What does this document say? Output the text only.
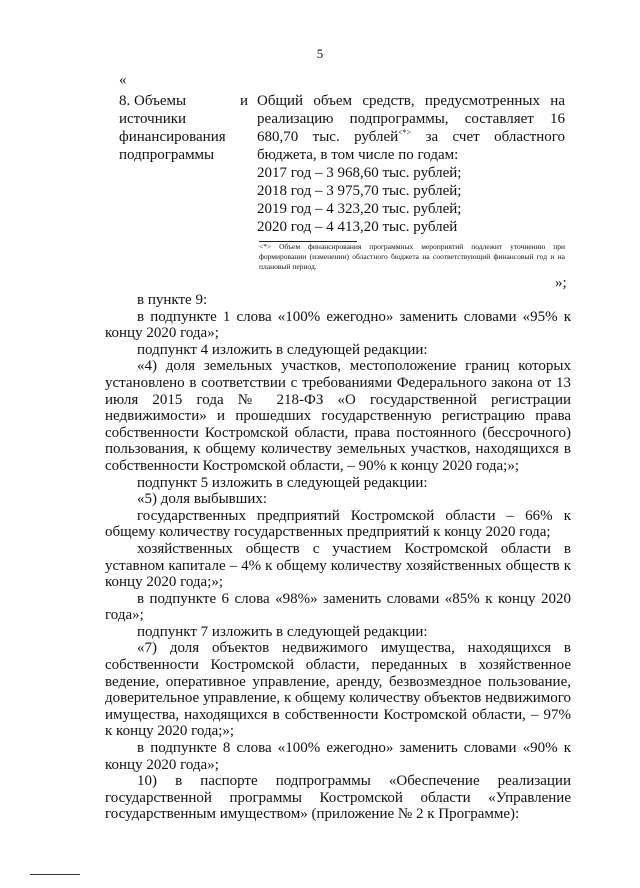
5
«
8. Объемы
источники
финансирования
подпрограммы
и Общий объем средств, предусмотренных на реализацию подпрограммы, составляет 16 680,70 тыс. рублей<*> за счет областного бюджета, в том числе по годам:
2017 год – 3 968,60 тыс. рублей;
2018 год – 3 975,70 тыс. рублей;
2019 год – 4 323,20 тыс. рублей;
2020 год – 4 413,20 тыс. рублей
<*> Объем финансирования программных мероприятий подлежит уточнению при формировании (изменении) областного бюджета на соответствующий финансовый год и на плановый период.
»;

в пункте 9:

в подпункте 1 слова «100% ежегодно» заменить словами «95% к концу 2020 года»;

подпункт 4 изложить в следующей редакции:

«4) доля земельных участков, местоположение границ которых установлено в соответствии с требованиями Федерального закона от 13 июля 2015 года № 218-ФЗ «О государственной регистрации недвижимости» и прошедших государственную регистрацию права собственности Костромской области, права постоянного (бессрочного) пользования, к общему количеству земельных участков, находящихся в собственности Костромской области, – 90% к концу 2020 года;»;

подпункт 5 изложить в следующей редакции:

«5) доля выбывших:

государственных предприятий Костромской области – 66% к общему количеству государственных предприятий к концу 2020 года;

хозяйственных обществ с участием Костромской области в уставном капитале – 4% к общему количеству хозяйственных обществ к концу 2020 года;»;

в подпункте 6 слова «98%» заменить словами «85% к концу 2020 года»;

подпункт 7 изложить в следующей редакции:

«7) доля объектов недвижимого имущества, находящихся в собственности Костромской области, переданных в хозяйственное ведение, оперативное управление, аренду, безвозмездное пользование, доверительное управление, к общему количеству объектов недвижимого имущества, находящихся в собственности Костромской области, – 97% к концу 2020 года;»;

в подпункте 8 слова «100% ежегодно» заменить словами «90% к концу 2020 года»;

10) в паспорте подпрограммы «Обеспечение реализации государственной программы Костромской области «Управление государственным имуществом» (приложение № 2 к Программе):
